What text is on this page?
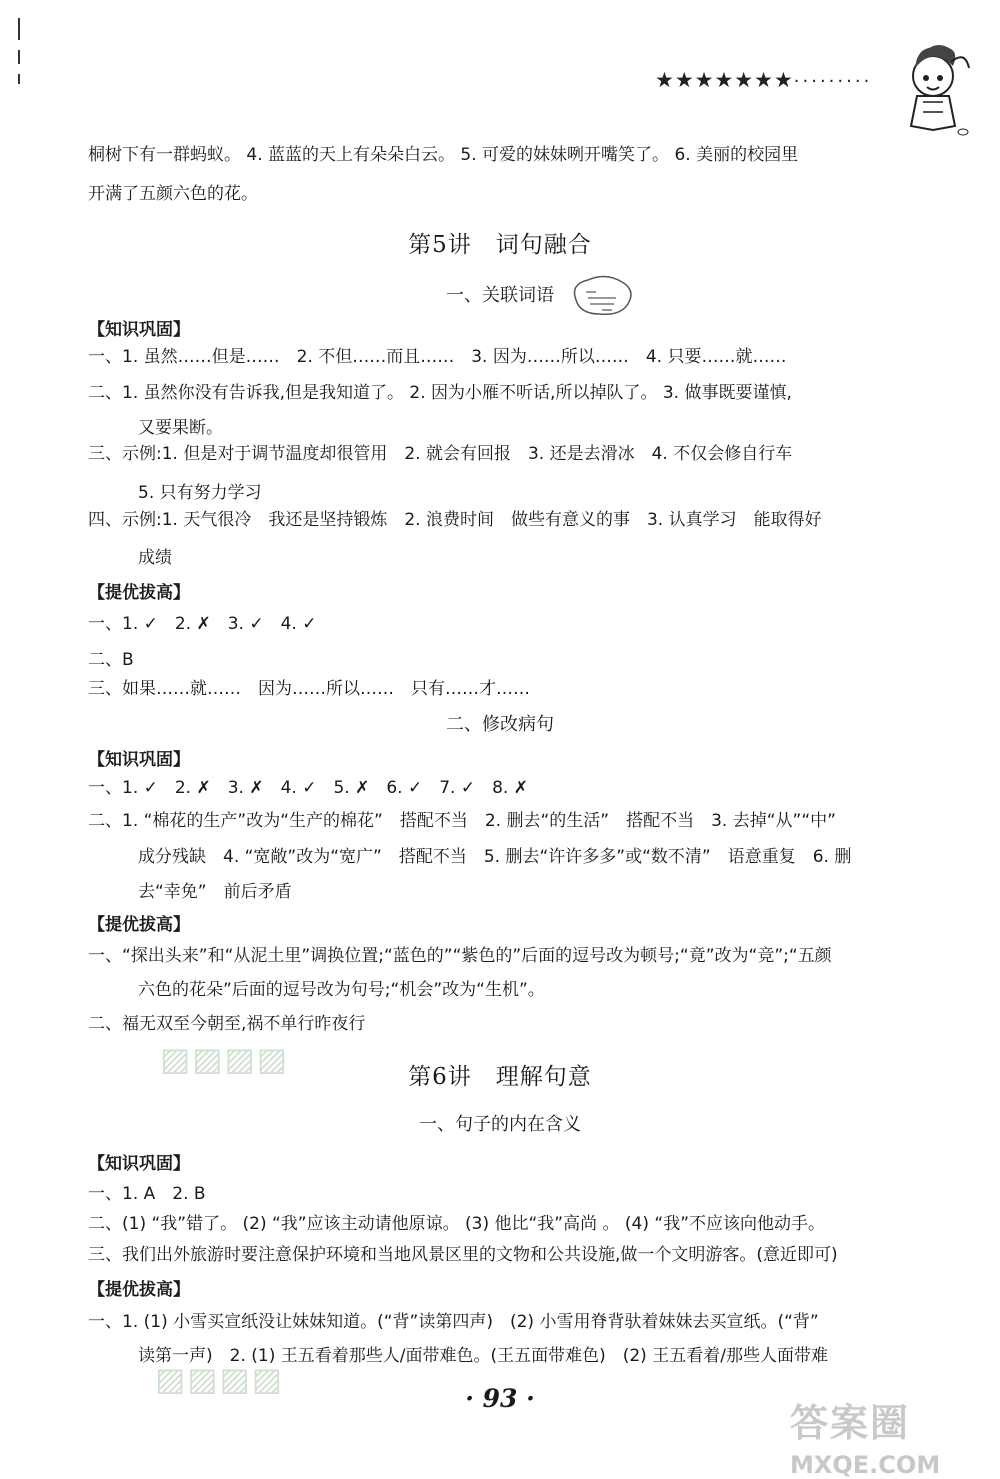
★★★★★★★·········
桐树下有一群蚂蚁。 4. 蓝蓝的天上有朵朵白云。 5. 可爱的妹妹咧开嘴笑了。 6. 美丽的校园里
开满了五颜六色的花。
第5讲　词句融合
一、关联词语
【知识巩固】
一、1. 虽然……但是……　2. 不但……而且……　3. 因为……所以……　4. 只要……就……
二、1. 虽然你没有告诉我,但是我知道了。 2. 因为小雁不听话,所以掉队了。 3. 做事既要谨慎,
又要果断。
三、示例:1. 但是对于调节温度却很管用　2. 就会有回报　3. 还是去滑冰　4. 不仅会修自行车
5. 只有努力学习
四、示例:1. 天气很冷　我还是坚持锻炼　2. 浪费时间　做些有意义的事　3. 认真学习　能取得好
成绩
【提优拔高】
一、1. ✓　2. ✗　3. ✓　4. ✓
二、B
三、如果……就……　因为……所以……　只有……才……
二、修改病句
【知识巩固】
一、1. ✓　2. ✗　3. ✗　4. ✓　5. ✗　6. ✓　7. ✓　8. ✗
二、1. “棉花的生产”改为“生产的棉花”　搭配不当　2. 删去“的生活”　搭配不当　3. 去掉“从”“中”
成分残缺　4. “宽敞”改为“宽广”　搭配不当　5. 删去“许许多多”或“数不清”　语意重复　6. 删
去“幸免”　前后矛盾
【提优拔高】
一、“探出头来”和“从泥土里”调换位置;“蓝色的”“紫色的”后面的逗号改为顿号;“竟”改为“竞”;“五颜
六色的花朵”后面的逗号改为句号;“机会”改为“生机”。
二、福无双至今朝至,祸不单行昨夜行
▨▨▨▨	第6讲　理解句意
一、句子的内在含义
【知识巩固】
一、1. A　2. B
二、(1) “我”错了。 (2) “我”应该主动请他原谅。 (3) 他比“我”高尚 。 (4) “我”不应该向他动手。
三、我们出外旅游时要注意保护环境和当地风景区里的文物和公共设施,做一个文明游客。(意近即可)
【提优拔高】
一、1. (1) 小雪买宣纸没让妹妹知道。(“背”读第四声)　(2) 小雪用脊背驮着妹妹去买宣纸。(“背”
读第一声)　2. (1) 王五看着那些人/面带难色。(王五面带难色)　(2) 王五看着/那些人面带难
▨▨▨▨
· 93 ·
答案圈
MXQE.COM
